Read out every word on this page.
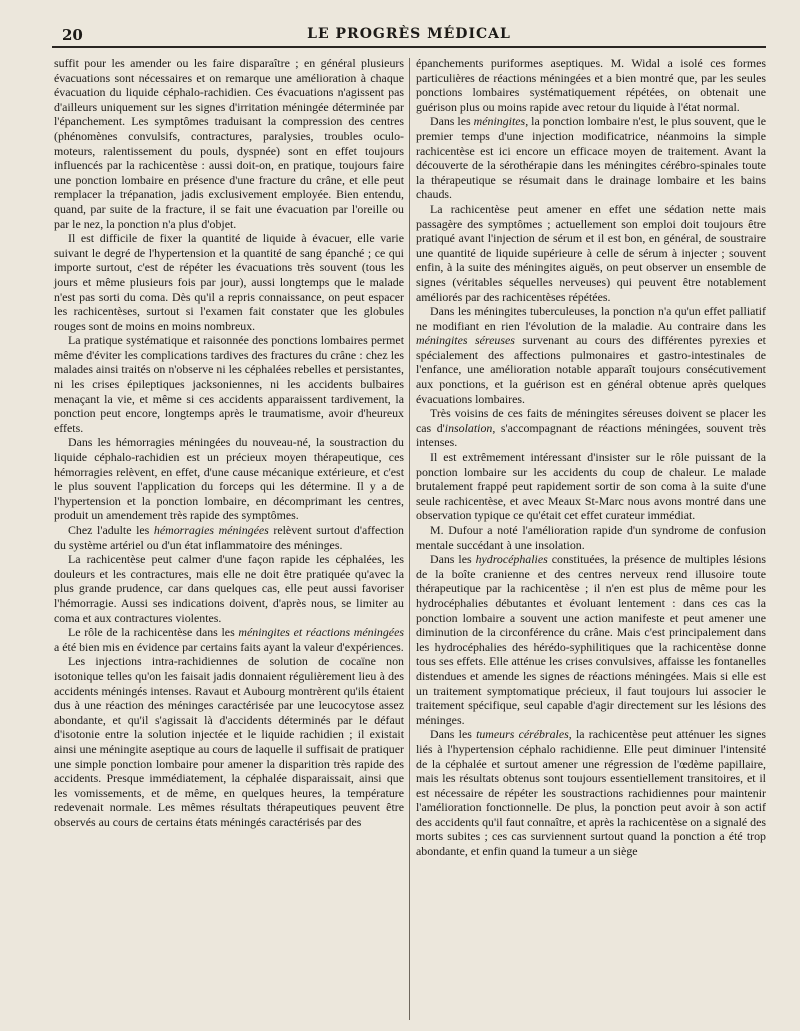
20	LE PROGRÈS MÉDICAL

suffit pour les amender ou les faire disparaître ; en général plusieurs évacuations sont nécessaires et on remarque une amélioration à chaque évacuation du liquide céphalo-rachidien. Ces évacuations n'agissent pas d'ailleurs uniquement sur les signes d'irritation méningée déterminée par l'épanchement. Les symptômes traduisant la compression des centres (phénomènes convulsifs, contractures, paralysies, troubles oculo-moteurs, ralentissement du pouls, dyspnée) sont en effet toujours influencés par la rachicentèse : aussi doit-on, en pratique, toujours faire une ponction lombaire en présence d'une fracture du crâne, et elle peut remplacer la trépanation, jadis exclusivement employée. Bien entendu, quand, par suite de la fracture, il se fait une évacuation par l'oreille ou par le nez, la ponction n'a plus d'objet.

Il est difficile de fixer la quantité de liquide à évacuer, elle varie suivant le degré de l'hypertension et la quantité de sang épanché ; ce qui importe surtout, c'est de répéter les évacuations très souvent (tous les jours et même plusieurs fois par jour), aussi longtemps que le malade n'est pas sorti du coma. Dès qu'il a repris connaissance, on peut espacer les rachicentèses, surtout si l'examen fait constater que les globules rouges sont de moins en moins nombreux.

La pratique systématique et raisonnée des ponctions lombaires permet même d'éviter les complications tardives des fractures du crâne : chez les malades ainsi traités on n'observe ni les céphalées rebelles et persistantes, ni les crises épileptiques jacksoniennes, ni les accidents bulbaires menaçant la vie, et même si ces accidents apparaissent tardivement, la ponction peut encore, longtemps après le traumatisme, avoir d'heureux effets.

Dans les hémorragies méningées du nouveau-né, la soustraction du liquide céphalo-rachidien est un précieux moyen thérapeutique, ces hémorragies relèvent, en effet, d'une cause mécanique extérieure, et c'est le plus souvent l'application du forceps qui les détermine. Il y a de l'hypertension et la ponction lombaire, en décomprimant les centres, produit un amendement très rapide des symptômes.

Chez l'adulte les hémorragies méningées relèvent surtout d'affection du système artériel ou d'un état inflammatoire des méninges.

La rachicentèse peut calmer d'une façon rapide les céphalées, les douleurs et les contractures, mais elle ne doit être pratiquée qu'avec la plus grande prudence, car dans quelques cas, elle peut aussi favoriser l'hémorragie. Aussi ses indications doivent, d'après nous, se limiter au coma et aux contractures violentes.

Le rôle de la rachicentèse dans les méningites et réactions méningées a été bien mis en évidence par certains faits ayant la valeur d'expériences.

Les injections intra-rachidiennes de solution de cocaïne non isotonique telles qu'on les faisait jadis donnaient régulièrement lieu à des accidents méningés intenses. Ravaut et Aubourg montrèrent qu'ils étaient dus à une réaction des méninges caractérisée par une leucocytose assez abondante, et qu'il s'agissait là d'accidents déterminés par le défaut d'isotonie entre la solution injectée et le liquide rachidien ; il existait ainsi une méningite aseptique au cours de laquelle il suffisait de pratiquer une simple ponction lombaire pour amener la disparition très rapide des accidents. Presque immédiatement, la céphalée disparaissait, ainsi que les vomissements, et de même, en quelques heures, la température redevenait normale. Les mêmes résultats thérapeutiques peuvent être observés au cours de certains états méningés caractérisés par des

épanchements puriformes aseptiques. M. Widal a isolé ces formes particulières de réactions méningées et a bien montré que, par les seules ponctions lombaires systématiquement répétées, on obtenait une guérison plus ou moins rapide avec retour du liquide à l'état normal.

Dans les méningites, la ponction lombaire n'est, le plus souvent, que le premier temps d'une injection modificatrice, néanmoins la simple rachicentèse est ici encore un efficace moyen de traitement. Avant la découverte de la sérothérapie dans les méningites cérébro-spinales toute la thérapeutique se résumait dans le drainage lombaire et les bains chauds.

La rachicentèse peut amener en effet une sédation nette mais passagère des symptômes ; actuellement son emploi doit toujours être pratiqué avant l'injection de sérum et il est bon, en général, de soustraire une quantité de liquide supérieure à celle de sérum à injecter ; souvent enfin, à la suite des méningites aiguës, on peut observer un ensemble de signes (véritables séquelles nerveuses) qui peuvent être notablement améliorés par des rachicentèses répétées.

Dans les méningites tuberculeuses, la ponction n'a qu'un effet palliatif ne modifiant en rien l'évolution de la maladie. Au contraire dans les méningites séreuses survenant au cours des différentes pyrexies et spécialement des affections pulmonaires et gastro-intestinales de l'enfance, une amélioration notable apparaît toujours consécutivement aux ponctions, et la guérison est en général obtenue après quelques évacuations lombaires.

Très voisins de ces faits de méningites séreuses doivent se placer les cas d'insolation, s'accompagnant de réactions méningées, souvent très intenses.

Il est extrêmement intéressant d'insister sur le rôle puissant de la ponction lombaire sur les accidents du coup de chaleur. Le malade brutalement frappé peut rapidement sortir de son coma à la suite d'une seule rachicentèse, et avec Meaux St-Marc nous avons montré dans une observation typique ce qu'était cet effet curateur immédiat.

M. Dufour a noté l'amélioration rapide d'un syndrome de confusion mentale succédant à une insolation.

Dans les hydrocéphalies constituées, la présence de multiples lésions de la boîte cranienne et des centres nerveux rend illusoire toute thérapeutique par la rachicentèse ; il n'en est plus de même pour les hydrocéphalies débutantes et évoluant lentement : dans ces cas la ponction lombaire a souvent une action manifeste et peut amener une diminution de la circonférence du crâne. Mais c'est principalement dans les hydrocéphalies des hérédo-syphilitiques que la rachicentèse donne tous ses effets. Elle atténue les crises convulsives, affaisse les fontanelles distendues et amende les signes de réactions méningées. Mais si elle est un traitement symptomatique précieux, il faut toujours lui associer le traitement spécifique, seul capable d'agir directement sur les lésions des méninges.

Dans les tumeurs cérébrales, la rachicentèse peut atténuer les signes liés à l'hypertension céphalo rachidienne. Elle peut diminuer l'intensité de la céphalée et surtout amener une régression de l'œdème papillaire, mais les résultats obtenus sont toujours essentiellement transitoires, et il est nécessaire de répéter les soustractions rachidiennes pour maintenir l'amélioration fonctionnelle. De plus, la ponction peut avoir à son actif des accidents qu'il faut connaître, et après la rachicentèse on a signalé des morts subites ; ces cas surviennent surtout quand la ponction a été trop abondante, et enfin quand la tumeur a un siège
